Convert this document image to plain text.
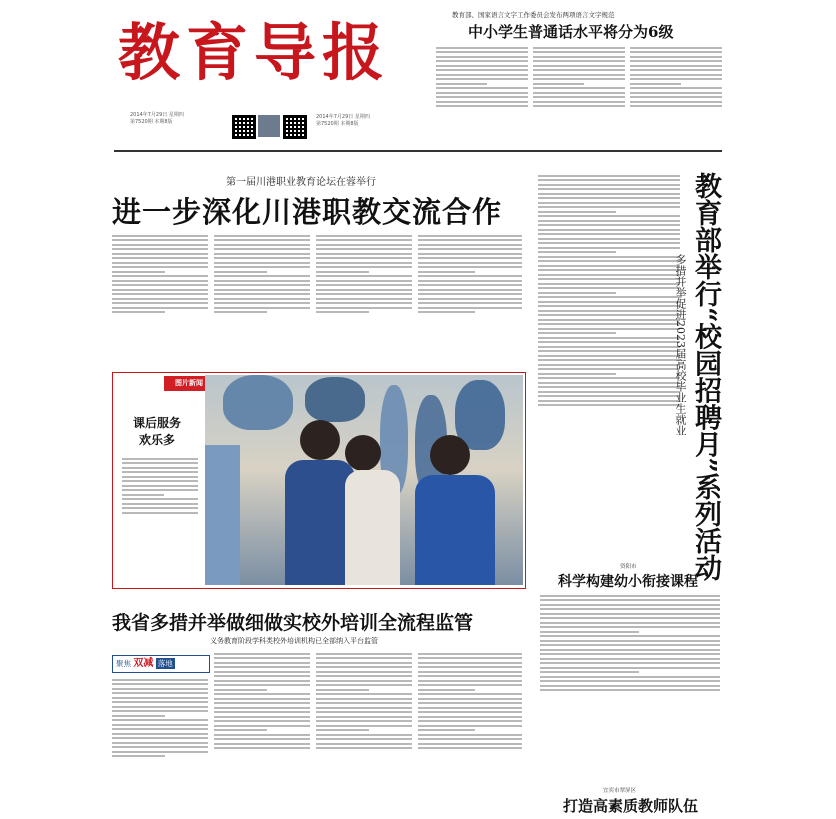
教育导报
2014年7月29日 星期四
第7520期 本期8版
2014年7月29日 星期四
第7520期 本期8版
教育部、国家语言文字工作委员会发布两项语言文字规范
中小学生普通话水平将分为6级
第一届川港职业教育论坛在蓉举行
进一步深化川港职教交流合作	教育部举行“校园招聘月”系列活动
多措并举促进2023届高校毕业生就业
图片新闻
课后服务
欢乐多
资阳市
科学构建幼小衔接课程
我省多措并举做细做实校外培训全流程监管
义务教育阶段学科类校外培训机构已全部纳入平台监管
聚焦 双减 落地
宜宾市翠屏区
打造高素质教师队伍
